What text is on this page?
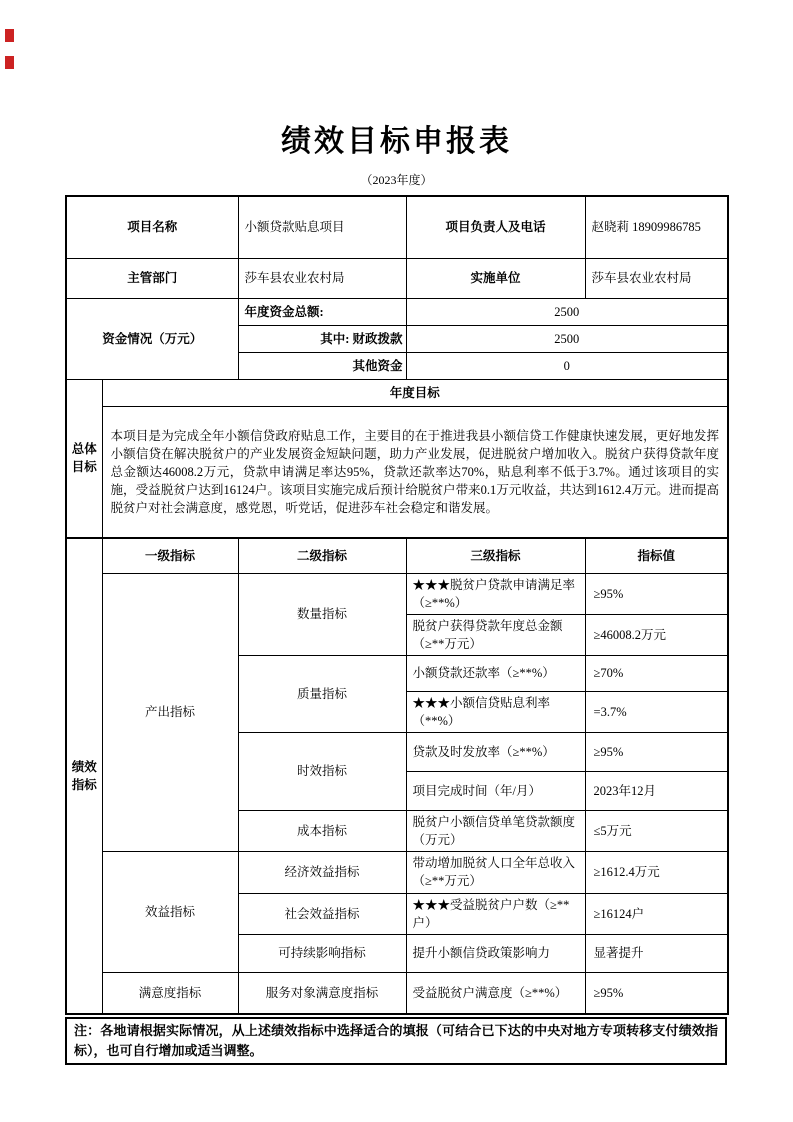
绩效目标申报表
（2023年度）
项目名称		小额贷款贴息项目	项目负责人及电话	赵晓莉 18909986785
主管部门		莎车县农业农村局	实施单位	莎车县农业农村局
资金情况（万元）		年度资金总额:	2500	
		其中: 财政拨款	2500	
		其他资金	0	
总体目标	年度目标			
	本项目是为完成全年小额信贷政府贴息工作，主要目的在于推进我县小额信贷工作健康快速发展，更好地发挥小额信贷在解决脱贫户的产业发展资金短缺问题，助力产业发展，促进脱贫户增加收入。脱贫户获得贷款年度总金额达46008.2万元，贷款申请满足率达95%，贷款还款率达70%，贴息利率不低于3.7%。通过该项目的实施，受益脱贫户达到16124户。该项目实施完成后预计给脱贫户带来0.1万元收益，共达到1612.4万元。进而提高脱贫户对社会满意度，感党恩，听党话，促进莎车社会稳定和谐发展。			
绩效指标	一级指标	二级指标	三级指标	指标值
	产出指标	数量指标	★★★脱贫户贷款申请满足率（≥**%）	≥95%
			脱贫户获得贷款年度总金额（≥**万元）	≥46008.2万元
		质量指标	小额贷款还款率（≥**%）	≥70%
			★★★小额信贷贴息利率（**%）	=3.7%
		时效指标	贷款及时发放率（≥**%）	≥95%
			项目完成时间（年/月）	2023年12月
		成本指标	脱贫户小额信贷单笔贷款额度（万元）	≤5万元
	效益指标	经济效益指标	带动增加脱贫人口全年总收入（≥**万元）	≥1612.4万元
		社会效益指标	★★★受益脱贫户户数（≥**户）	≥16124户
		可持续影响指标	提升小额信贷政策影响力	显著提升
	满意度指标	服务对象满意度指标	受益脱贫户满意度（≥**%）	≥95%
注：各地请根据实际情况，从上述绩效指标中选择适合的填报（可结合已下达的中央对地方专项转移支付绩效指标），也可自行增加或适当调整。
